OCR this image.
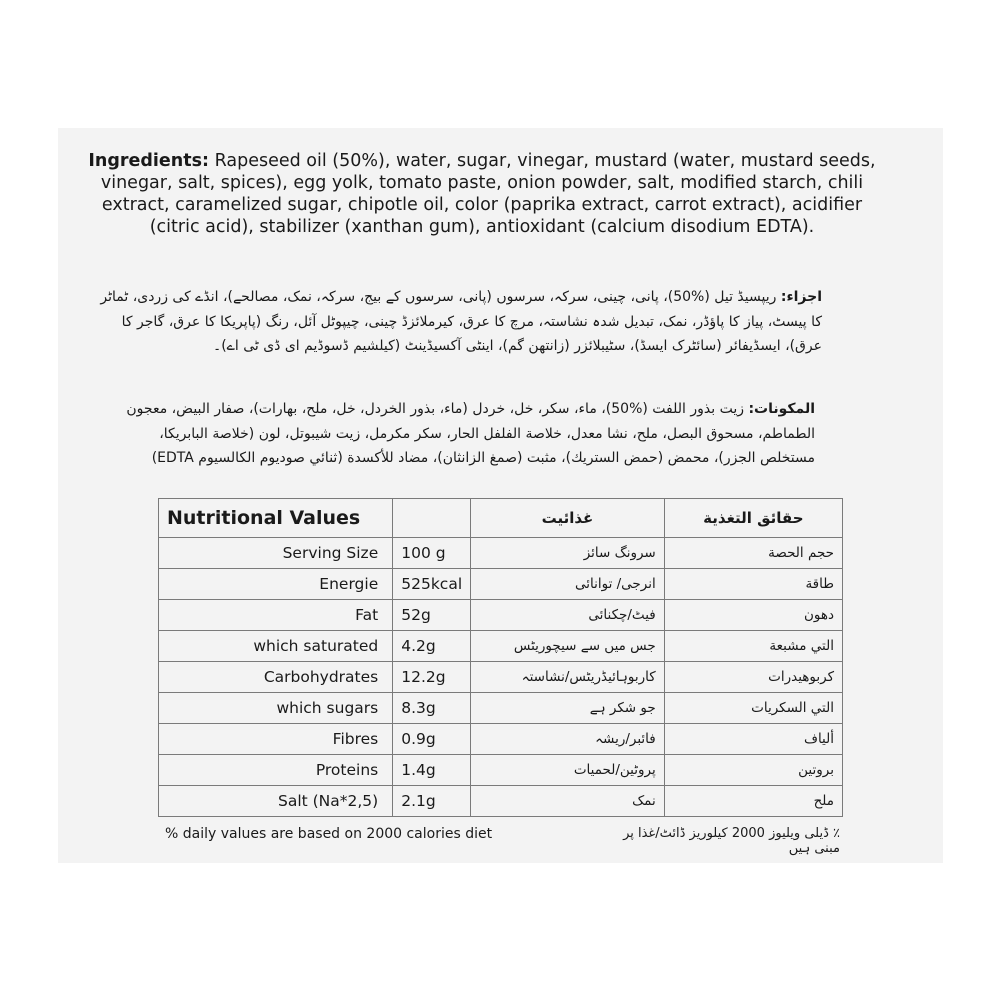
Ingredients: Rapeseed oil (50%), water, sugar, vinegar, mustard (water, mustard seeds, vinegar, salt, spices), egg yolk, tomato paste, onion powder, salt, modified starch, chili extract, caramelized sugar, chipotle oil, color (paprika extract, carrot extract), acidifier (citric acid), stabilizer (xanthan gum), antioxidant (calcium disodium EDTA).
اجزاء: ریپسیڈ تیل (%50)، پانی، چینی، سرکہ، سرسوں (پانی، سرسوں کے بیج، سرکہ، نمک، مصالحے)، انڈے کی زردی، ٹماٹر کا پیسٹ، پیاز کا پاؤڈر، نمک، تبدیل شدہ نشاستہ، مرچ کا عرق، کیرملائزڈ چینی، چیپوٹل آئل، رنگ (پاپریکا کا عرق، گاجر کا عرق)، ایسڈیفائر (سائٹرک ایسڈ)، سٹیبلائزر (زانتھن گم)، اینٹی آکسیڈینٹ (کیلشیم ڈسوڈیم ای ڈی ٹی اے)۔
المكونات: زيت بذور اللفت (%50)، ماء، سكر، خل، خردل (ماء، بذور الخردل، خل، ملح، بهارات)، صفار البيض، معجون الطماطم، مسحوق البصل، ملح، نشا معدل، خلاصة الفلفل الحار، سكر مكرمل، زيت شيبوتل، لون (خلاصة البابريكا، مستخلص الجزر)، محمض (حمض الستريك)، مثبت (صمغ الزانثان)، مضاد للأكسدة (ثنائي صوديوم الكالسيوم EDTA)
Nutritional Values		غذائیت	حقائق التغذية
Serving Size	100 g	سرونگ سائز	حجم الحصة
Energie	525kcal	انرجی/ توانائی	طاقة
Fat	52g	فیٹ/چکنائی	دهون
which saturated	4.2g	جس میں سے سیچوریٹس	التي مشبعة
Carbohydrates	12.2g	کاربوہائیڈریٹس/نشاستہ	كربوهيدرات
which sugars	8.3g	جو شکر ہے	التي السكريات
Fibres	0.9g	فائبر/ریشہ	ألياف
Proteins	1.4g	پروٹین/لحمیات	بروتين
Salt (Na*2,5)	2.1g	نمک	ملح
% daily values are based on 2000 calories diet	٪ ڈیلی ویلیوز 2000 کیلوریز ڈائٹ/غذا پر مبنی ہیں
